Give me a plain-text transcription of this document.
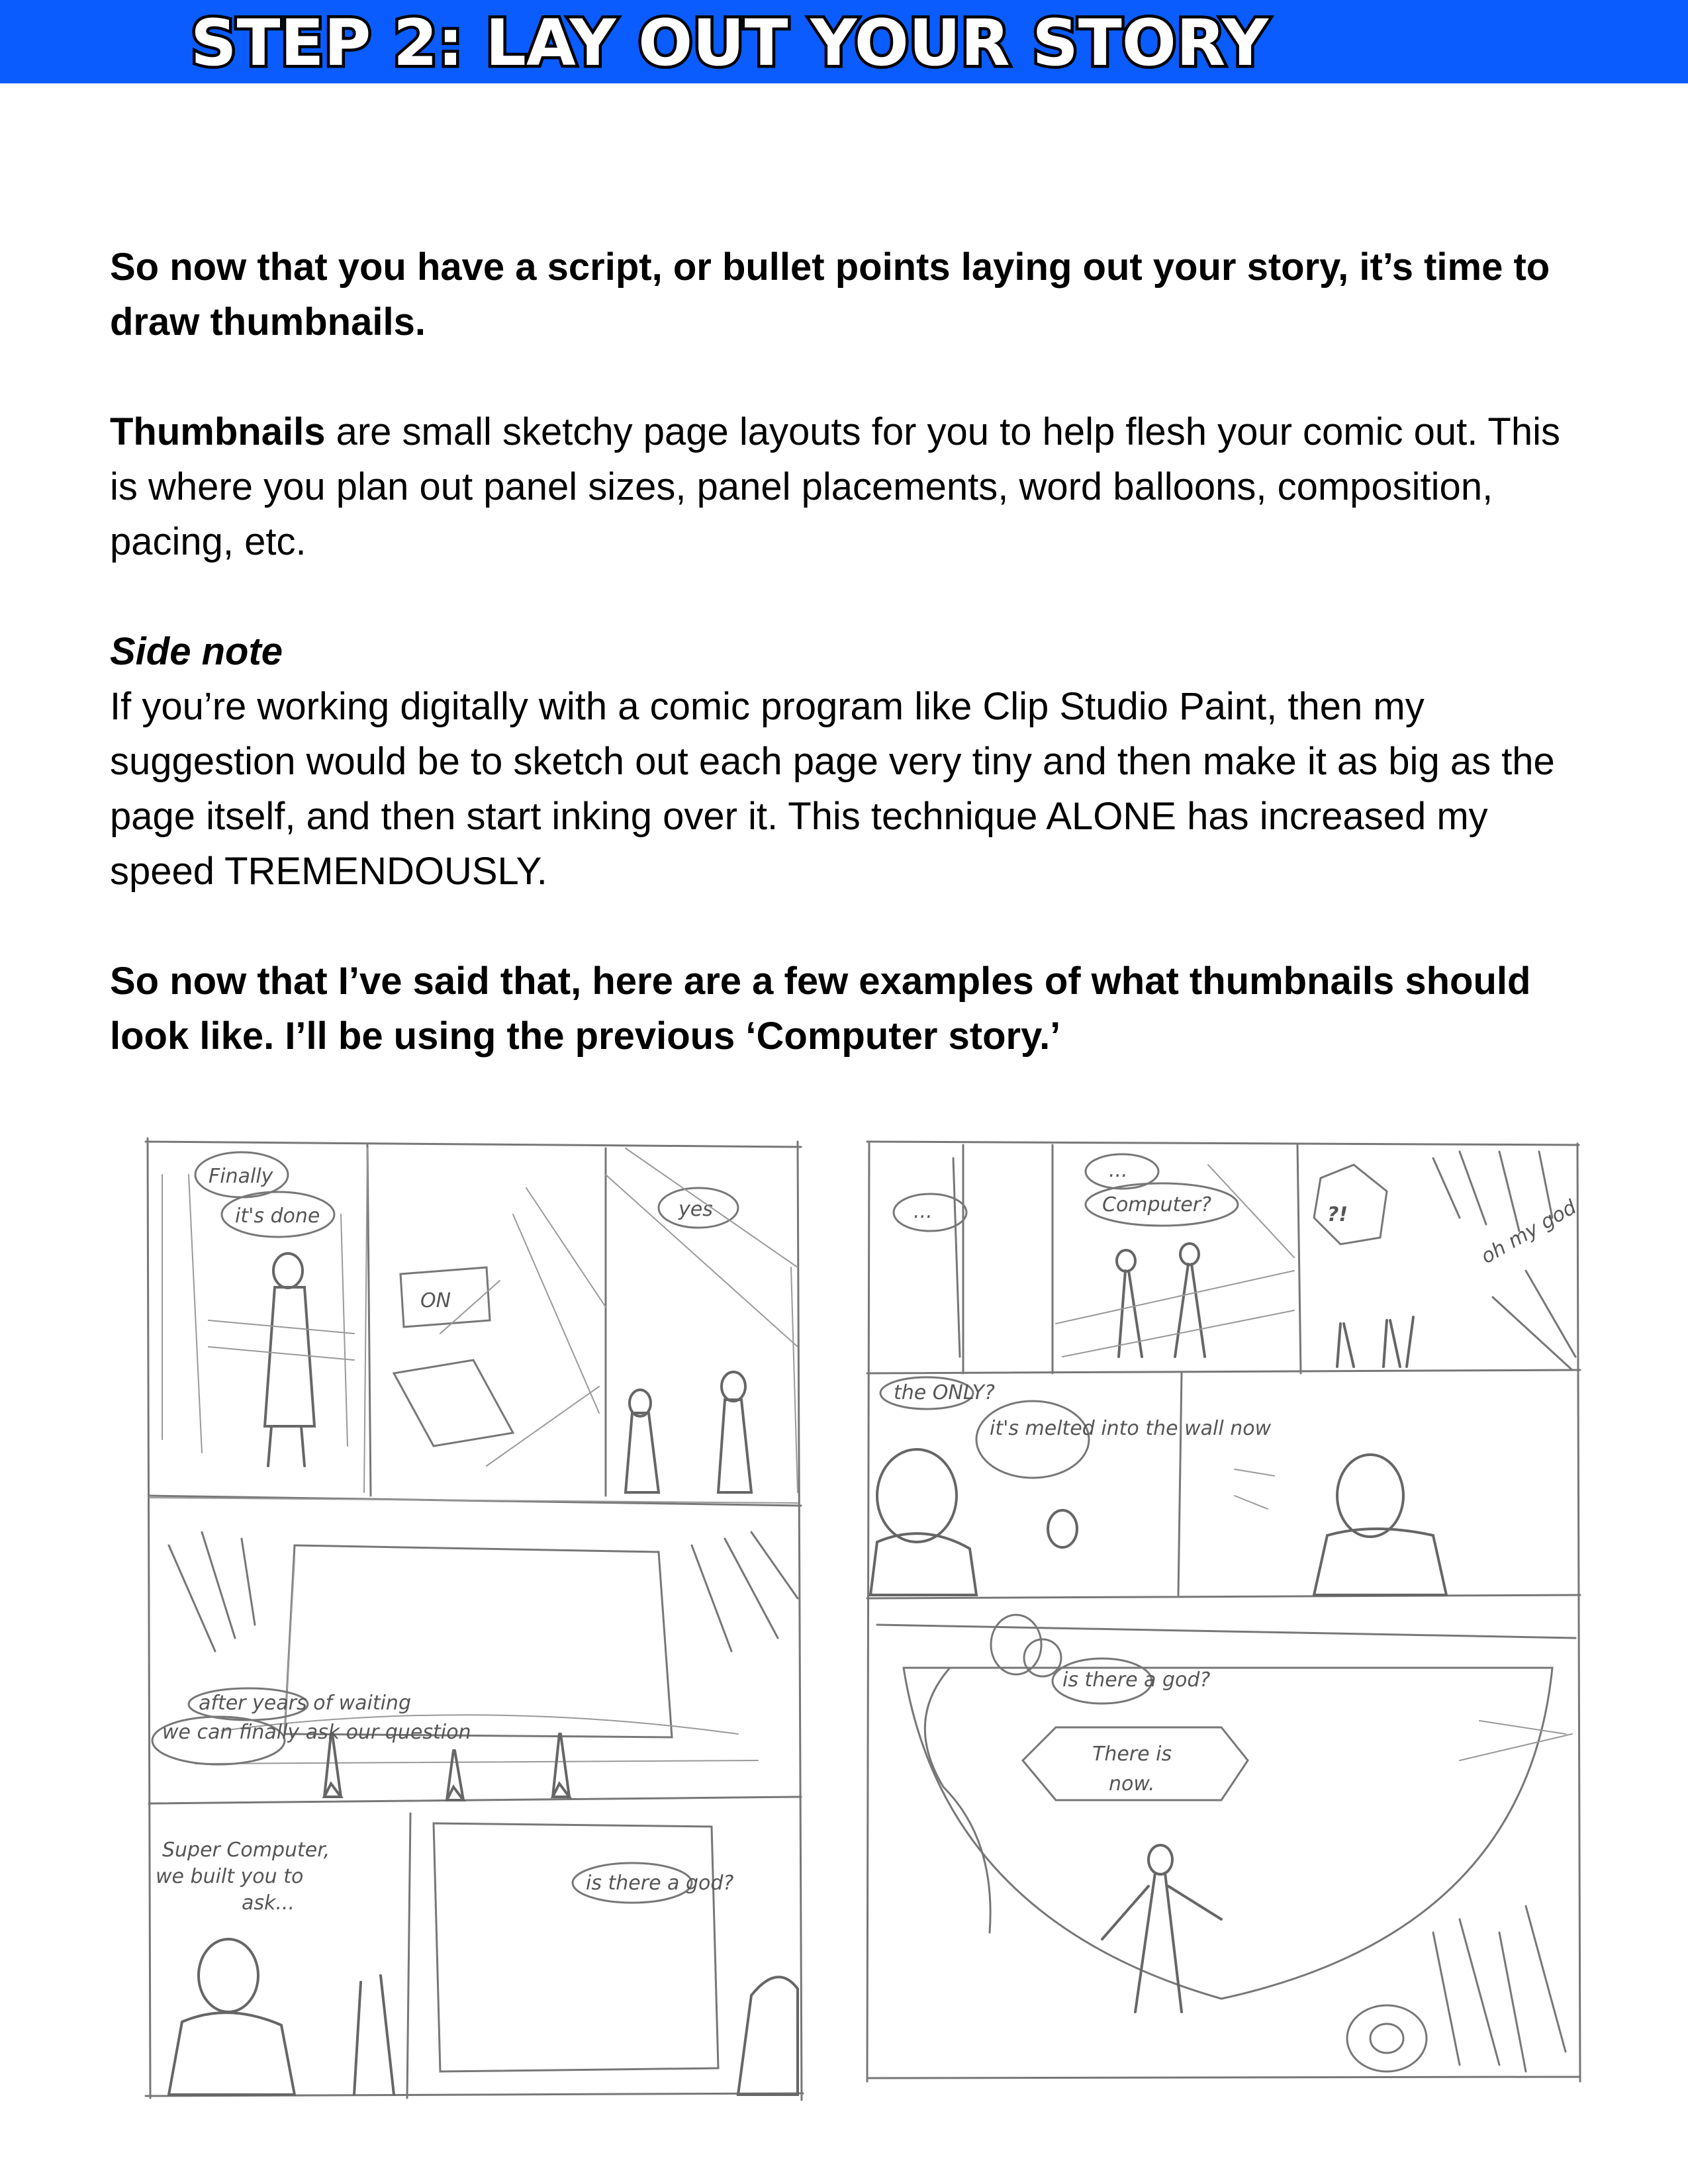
STEP 2: LAY OUT YOUR STORY

So now that you have a script, or bullet points laying out your story, it’s time to draw thumbnails.

Thumbnails are small sketchy page layouts for you to help flesh your comic out. This is where you plan out panel sizes, panel placements, word balloons, composition, pacing, etc.

Side note

If you’re working digitally with a comic program like Clip Studio Paint, then my suggestion would be to sketch out each page very tiny and then make it as big as the page itself, and then start inking over it. This technique ALONE has increased my speed TREMENDOUSLY.

So now that I’ve said that, here are a few examples of what thumbnails should look like. I’ll be using the previous ‘Computer story.’

Finally
it's done
ON
yes
after years of waiting
we can finally ask our question
Super Computer,
we built you to
ask...
is there a god?
...
...
Computer?	?!	oh my god
the ONLY?
it's melted into the wall now
is there a god?
There is
now.
